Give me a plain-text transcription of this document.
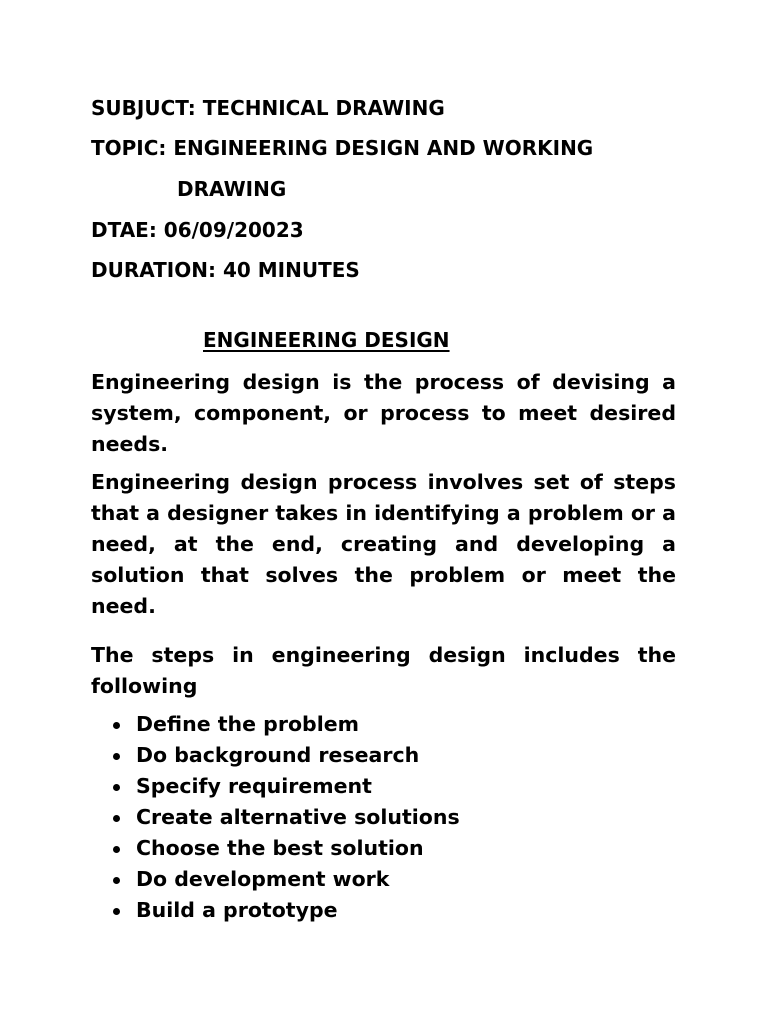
SUBJUCT: TECHNICAL DRAWING
TOPIC: ENGINEERING DESIGN AND WORKING
DRAWING
DTAE: 06/09/20023
DURATION: 40 MINUTES
ENGINEERING DESIGN
Engineering design is the process of devising a system, component, or process to meet desired needs.
Engineering design process involves set of steps that a designer takes in identifying a problem or a need, at the end, creating and developing a solution that solves the problem or meet the need.
The steps in engineering design includes the following
Define the problem
Do background research
Specify requirement
Create alternative solutions
Choose the best solution
Do development work
Build a prototype
